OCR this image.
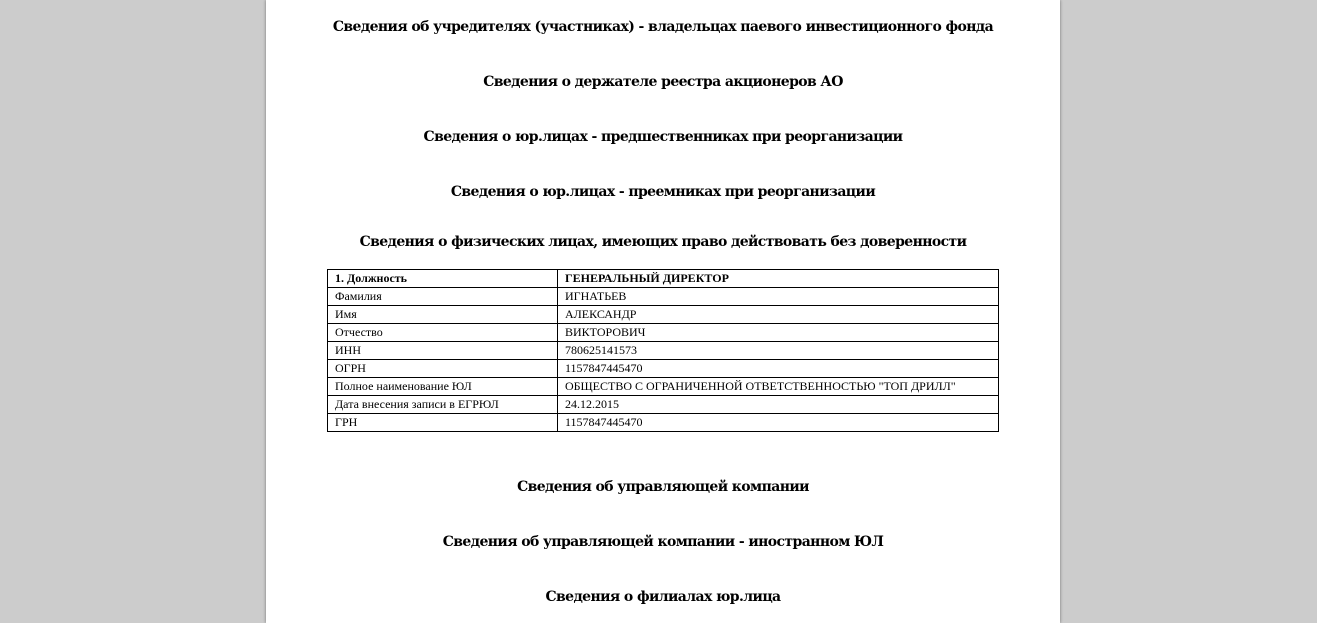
Сведения об учредителях (участниках) - владельцах паевого инвестиционного фонда
Сведения о держателе реестра акционеров АО
Сведения о юр.лицах - предшественниках при реорганизации
Сведения о юр.лицах - преемниках при реорганизации
Сведения о физических лицах, имеющих право действовать без доверенности
1. Должность	ГЕНЕРАЛЬНЫЙ ДИРЕКТОР
Фамилия	ИГНАТЬЕВ
Имя	АЛЕКСАНДР
Отчество	ВИКТОРОВИЧ
ИНН	780625141573
ОГРН	1157847445470
Полное наименование ЮЛ	ОБЩЕСТВО С ОГРАНИЧЕННОЙ ОТВЕТСТВЕННОСТЬЮ "ТОП ДРИЛЛ"
Дата внесения записи в ЕГРЮЛ	24.12.2015
ГРН	1157847445470
Сведения об управляющей компании
Сведения об управляющей компании - иностранном ЮЛ
Сведения о филиалах юр.лица
